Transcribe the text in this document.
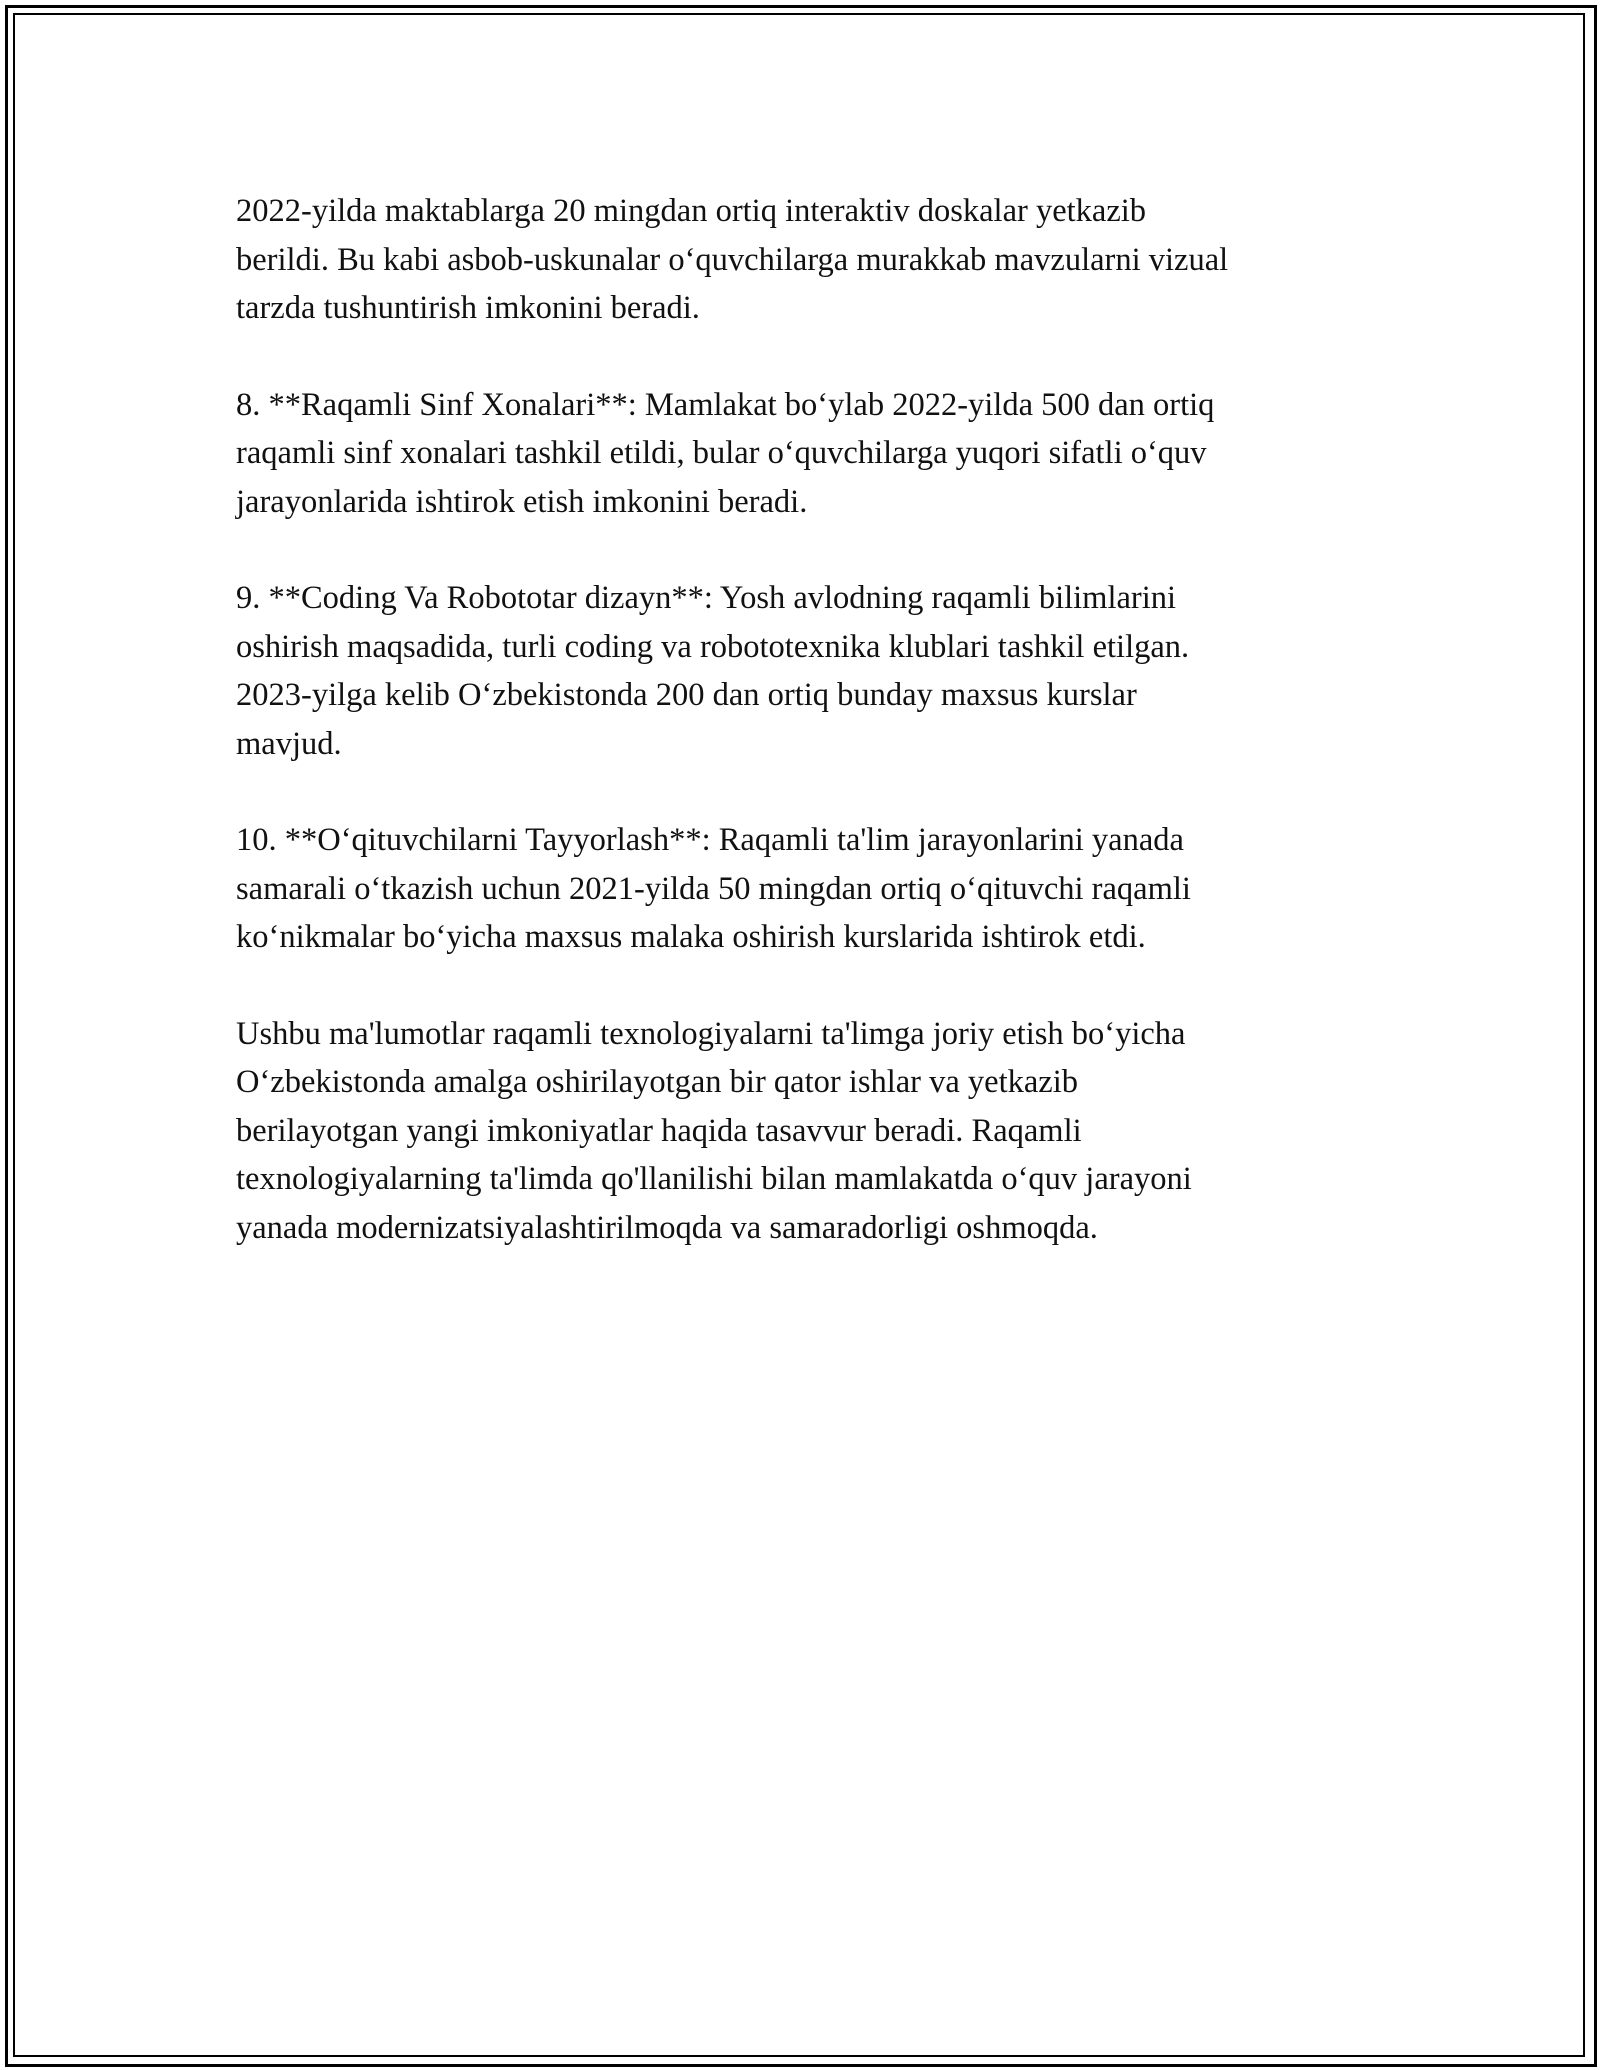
2022-yilda maktablarga 20 mingdan ortiq interaktiv doskalar yetkazib
berildi. Bu kabi asbob-uskunalar o‘quvchilarga murakkab mavzularni vizual
tarzda tushuntirish imkonini beradi.
8. **Raqamli Sinf Xonalari**: Mamlakat bo‘ylab 2022-yilda 500 dan ortiq
raqamli sinf xonalari tashkil etildi, bular o‘quvchilarga yuqori sifatli o‘quv
jarayonlarida ishtirok etish imkonini beradi.
9. **Coding Va Robototar dizayn**: Yosh avlodning raqamli bilimlarini
oshirish maqsadida, turli coding va robototexnika klublari tashkil etilgan.
2023-yilga kelib O‘zbekistonda 200 dan ortiq bunday maxsus kurslar
mavjud.
10. **O‘qituvchilarni Tayyorlash**: Raqamli ta'lim jarayonlarini yanada
samarali o‘tkazish uchun 2021-yilda 50 mingdan ortiq o‘qituvchi raqamli
ko‘nikmalar bo‘yicha maxsus malaka oshirish kurslarida ishtirok etdi.
Ushbu ma'lumotlar raqamli texnologiyalarni ta'limga joriy etish bo‘yicha
O‘zbekistonda amalga oshirilayotgan bir qator ishlar va yetkazib
berilayotgan yangi imkoniyatlar haqida tasavvur beradi. Raqamli
texnologiyalarning ta'limda qo'llanilishi bilan mamlakatda o‘quv jarayoni
yanada modernizatsiyalashtirilmoqda va samaradorligi oshmoqda.
